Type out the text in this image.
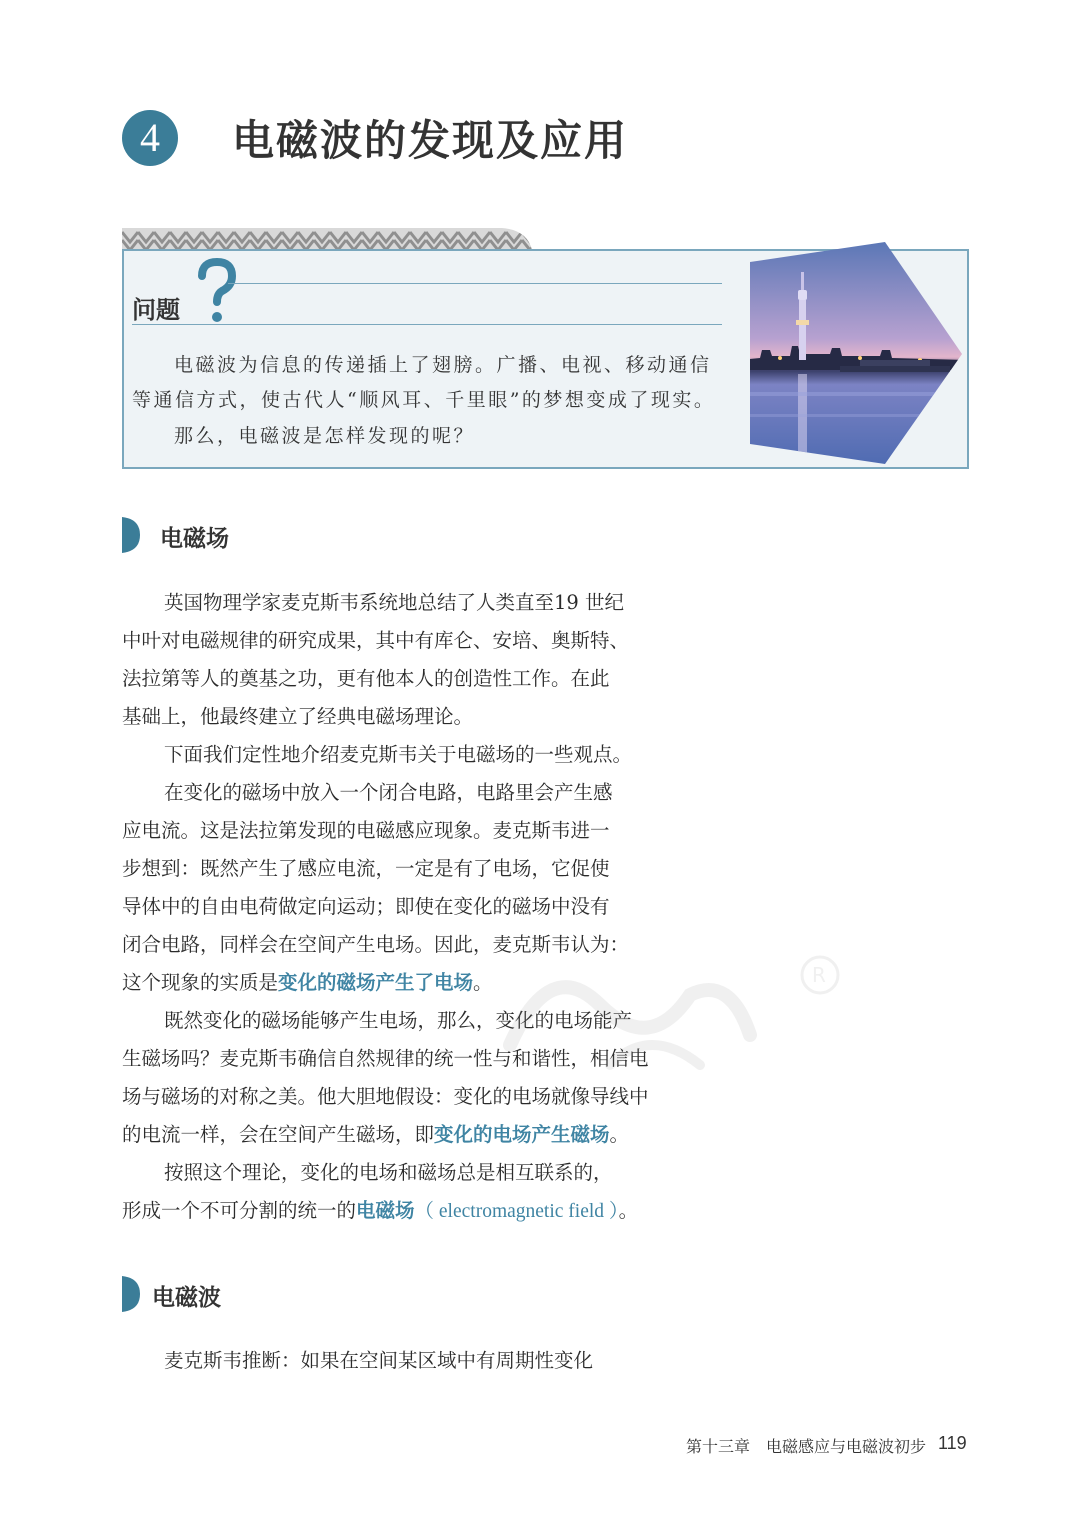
4	电磁波的发现及应用
问题
电磁波为信息的传递插上了翅膀。广播、电视、移动通信
等通信方式，使古代人“顺风耳、千里眼”的梦想变成了现实。
那么，电磁波是怎样发现的呢？
电磁场
英国物理学家麦克斯韦系统地总结了人类直至19 世纪
中叶对电磁规律的研究成果，其中有库仑、安培、奥斯特、
法拉第等人的奠基之功，更有他本人的创造性工作。在此
基础上，他最终建立了经典电磁场理论。
下面我们定性地介绍麦克斯韦关于电磁场的一些观点。
在变化的磁场中放入一个闭合电路，电路里会产生感
应电流。这是法拉第发现的电磁感应现象。麦克斯韦进一
步想到：既然产生了感应电流，一定是有了电场，它促使
导体中的自由电荷做定向运动；即使在变化的磁场中没有
闭合电路，同样会在空间产生电场。因此，麦克斯韦认为：
这个现象的实质是变化的磁场产生了电场。
既然变化的磁场能够产生电场，那么，变化的电场能产
生磁场吗？麦克斯韦确信自然规律的统一性与和谐性，相信电
场与磁场的对称之美。他大胆地假设：变化的电场就像导线中
的电流一样，会在空间产生磁场，即变化的电场产生磁场。
按照这个理论，变化的电场和磁场总是相互联系的，
形成一个不可分割的统一的电磁场（ electromagnetic field ）。
R
电磁波
麦克斯韦推断：如果在空间某区域中有周期性变化
第十三章　电磁感应与电磁波初步 119
